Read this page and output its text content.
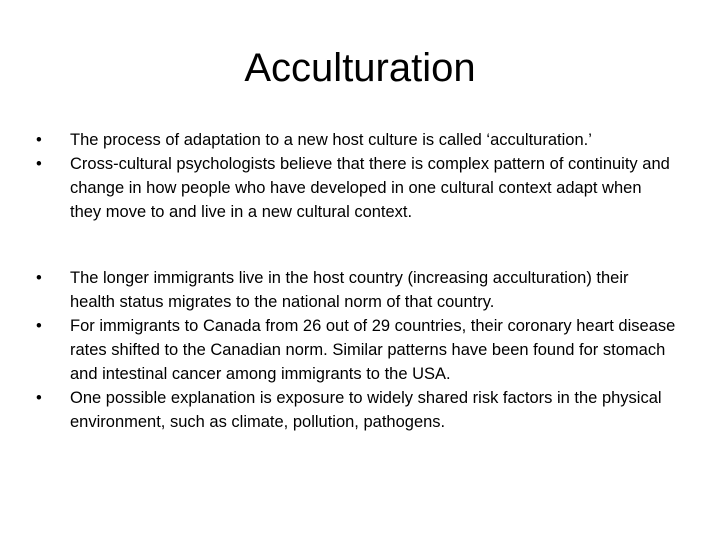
Acculturation
•	The process of adaptation to a new host culture is called ‘acculturation.’
•	Cross-cultural psychologists believe that there is complex pattern of continuity and change in how people who have developed in one cultural context adapt when they move to and live in a new cultural context.
•	The longer immigrants live in the host country (increasing acculturation) their health status migrates to the national norm of that country.
•	For immigrants to Canada from 26 out of 29 countries, their coronary heart disease rates shifted to the Canadian norm. Similar patterns have been found for stomach and intestinal cancer among immigrants to the USA.
•	One possible explanation is exposure to widely shared risk factors in the physical environment, such as climate, pollution, pathogens.
